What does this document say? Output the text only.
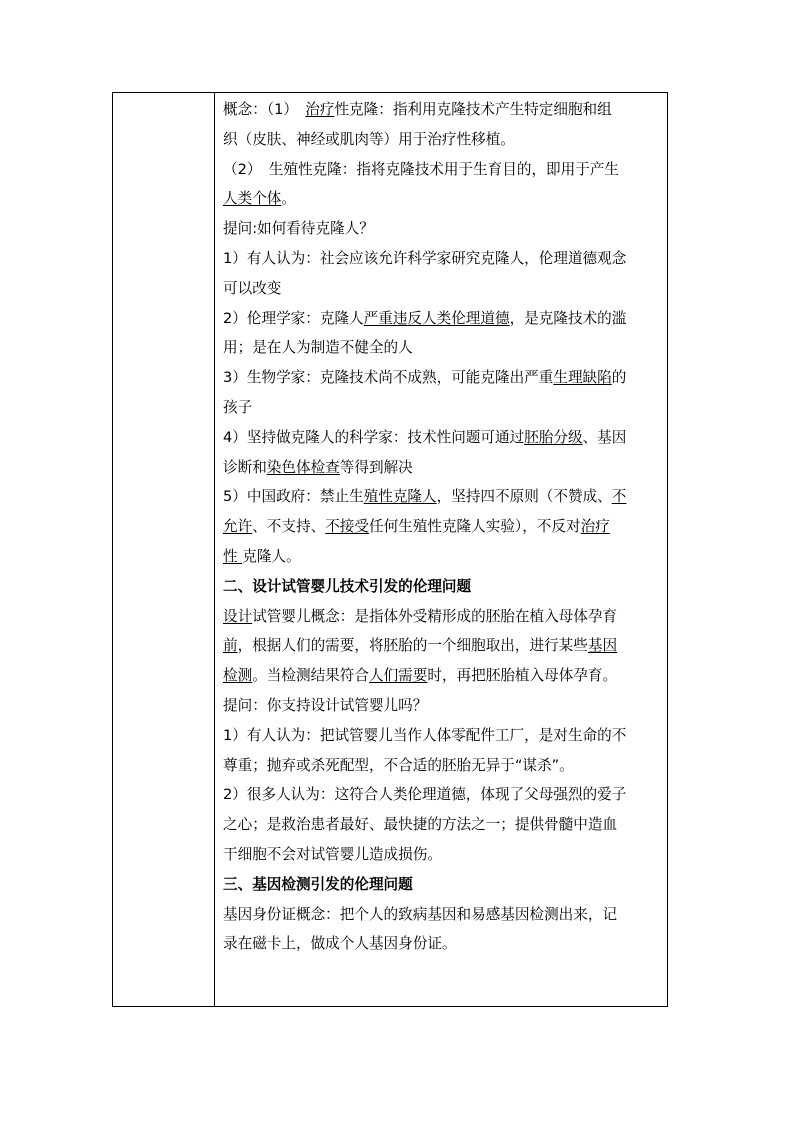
概念：（1）　治疗性克隆：指利用克隆技术产生特定细胞和组
织（皮肤、神经或肌肉等）用于治疗性移植。
（2）　生殖性克隆：指将克隆技术用于生育目的，即用于产生
人类个体。
提问:如何看待克隆人？
1）有人认为：社会应该允许科学家研究克隆人，伦理道德观念
可以改变
2）伦理学家：克隆人严重违反人类伦理道德，是克隆技术的滥
用；是在人为制造不健全的人
3）生物学家：克隆技术尚不成熟，可能克隆出严重生理缺陷的
孩子
4）坚持做克隆人的科学家：技术性问题可通过胚胎分级、基因
诊断和染色体检查等得到解决
5）中国政府：禁止生殖性克隆人，坚持四不原则（不赞成、不
允许、不支持、不接受任何生殖性克隆人实验），不反对治疗
性 克隆人。
二、设计试管婴儿技术引发的伦理问题
设计试管婴儿概念：是指体外受精形成的胚胎在植入母体孕育
前，根据人们的需要，将胚胎的一个细胞取出，进行某些基因
检测。当检测结果符合人们需要时，再把胚胎植入母体孕育。
提问：你支持设计试管婴儿吗？
1）有人认为：把试管婴儿当作人体零配件工厂，是对生命的不
尊重；抛弃或杀死配型，不合适的胚胎无异于“谋杀”。
2）很多人认为：这符合人类伦理道德，体现了父母强烈的爱子
之心；是救治患者最好、最快捷的方法之一；提供骨髓中造血
干细胞不会对试管婴儿造成损伤。
三、基因检测引发的伦理问题
基因身份证概念：把个人的致病基因和易感基因检测出来，记
录在磁卡上，做成个人基因身份证。
